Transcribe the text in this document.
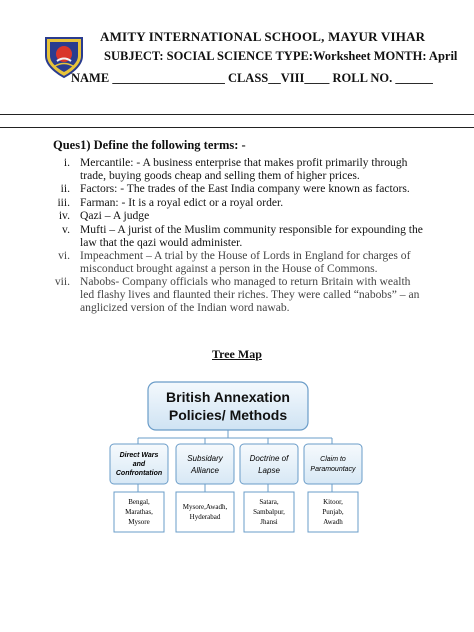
AMITY INTERNATIONAL SCHOOL, MAYUR VIHAR
SUBJECT: SOCIAL SCIENCE TYPE:Worksheet MONTH: April
NAME __________________ CLASS__VIII____ ROLL NO. ______
Ques1) Define the following terms: -
i. Mercantile: - A business enterprise that makes profit primarily through trade, buying goods cheap and selling them of higher prices.
ii. Factors: - The trades of the East India company were known as factors.
iii. Farman: - It is a royal edict or a royal order.
iv. Qazi – A judge
v. Mufti – A jurist of the Muslim community responsible for expounding the law that the qazi would administer.
vi. Impeachment – A trial by the House of Lords in England for charges of misconduct brought against a person in the House of Commons.
vii. Nabobs- Company officials who managed to return Britain with wealth led flashy lives and flaunted their riches. They were called “nabobs” – an anglicized version of the Indian word nawab.
Tree Map
British Annexation
Policies/ Methods
Direct Wars
and
Confrontation
Subsidary
Alliance
Doctrine of
Lapse
Claim to
Paramountacy
Bengal,
Marathas,
Mysore
Mysore,Awadh,
Hyderabad
Satara,
Sambalpur,
Jhansi
Kitoor,
Punjab,
Awadh
